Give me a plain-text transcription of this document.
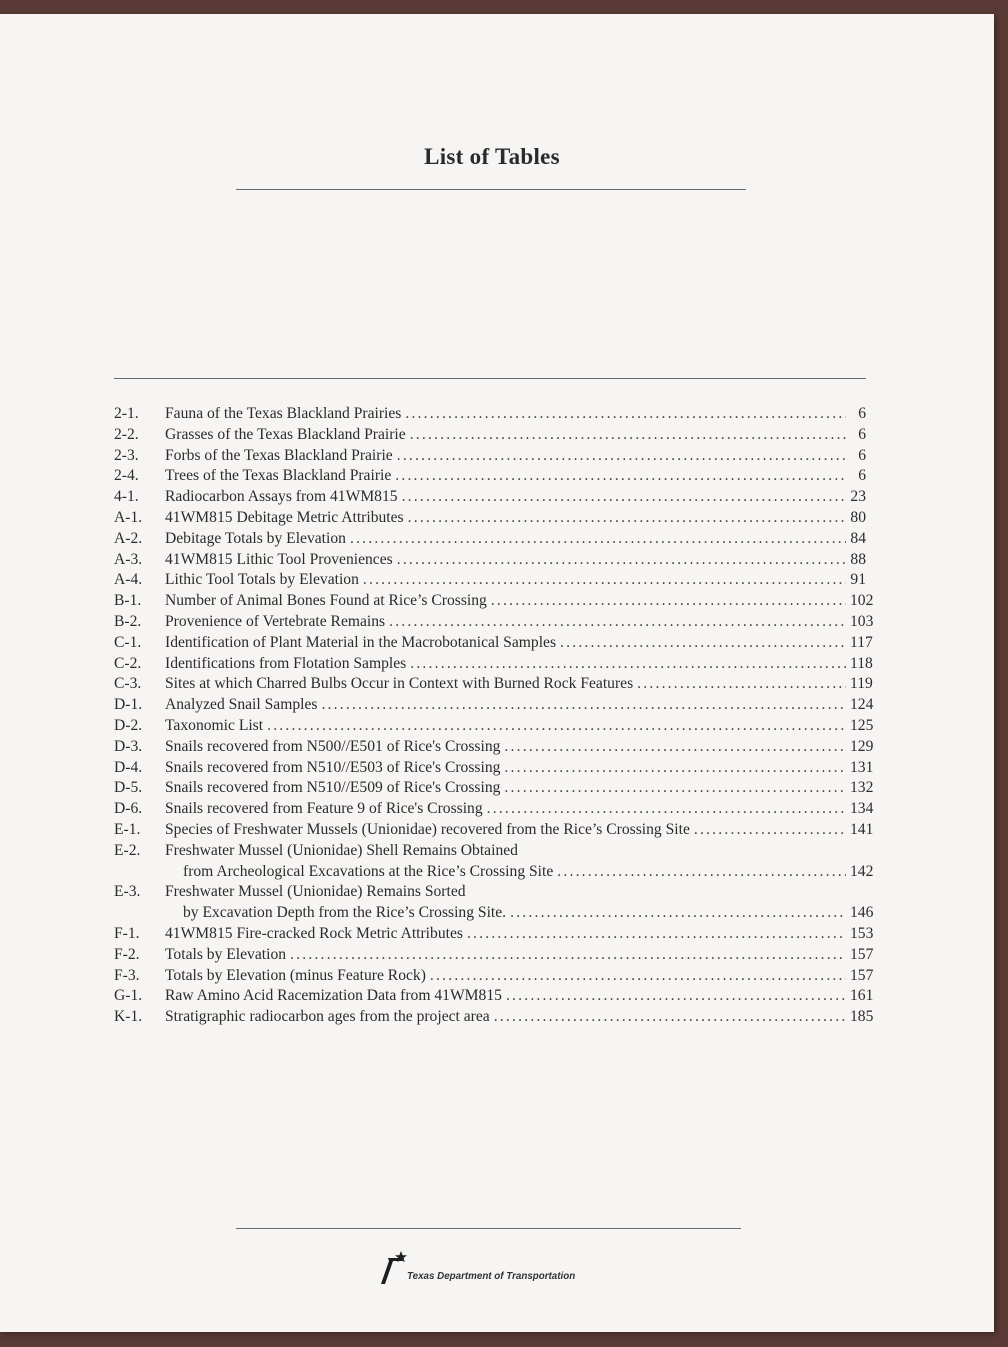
List of Tables
2-1.	Fauna of the Texas Blackland Prairies .....	6
2-2.	Grasses of the Texas Blackland Prairie .....	6
2-3.	Forbs of the Texas Blackland Prairie .....	6
2-4.	Trees of the Texas Blackland Prairie .....	6
4-1.	Radiocarbon Assays from 41WM815 .....	23
A-1.	41WM815 Debitage Metric Attributes .....	80
A-2.	Debitage Totals by Elevation .....	84
A-3.	41WM815 Lithic Tool Proveniences .....	88
A-4.	Lithic Tool Totals by Elevation .....	91
B-1.	Number of Animal Bones Found at Rice’s Crossing .....	102
B-2.	Provenience of Vertebrate Remains .....	103
C-1.	Identification of Plant Material in the Macrobotanical Samples .....	117
C-2.	Identifications from Flotation Samples .....	118
C-3.	Sites at which Charred Bulbs Occur in Context with Burned Rock Features .....	119
D-1.	Analyzed Snail Samples .....	124
D-2.	Taxonomic List .....	125
D-3.	Snails recovered from N500//E501 of Rice's Crossing .....	129
D-4.	Snails recovered from N510//E503 of Rice's Crossing .....	131
D-5.	Snails recovered from N510//E509 of Rice's Crossing .....	132
D-6.	Snails recovered from Feature 9 of Rice's Crossing .....	134
E-1.	Species of Freshwater Mussels (Unionidae) recovered from the Rice’s Crossing Site .....	141
E-2.	Freshwater Mussel (Unionidae) Shell Remains Obtained
from Archeological Excavations at the Rice’s Crossing Site .....	142
E-3.	Freshwater Mussel (Unionidae) Remains Sorted
by Excavation Depth from the Rice’s Crossing Site. .....	146
F-1.	41WM815 Fire-cracked Rock Metric Attributes .....	153
F-2.	Totals by Elevation .....	157
F-3.	Totals by Elevation (minus Feature Rock) .....	157
G-1.	Raw Amino Acid Racemization Data from 41WM815 .....	161
K-1.	Stratigraphic radiocarbon ages from the project area .....	185
Texas Department of Transportation
